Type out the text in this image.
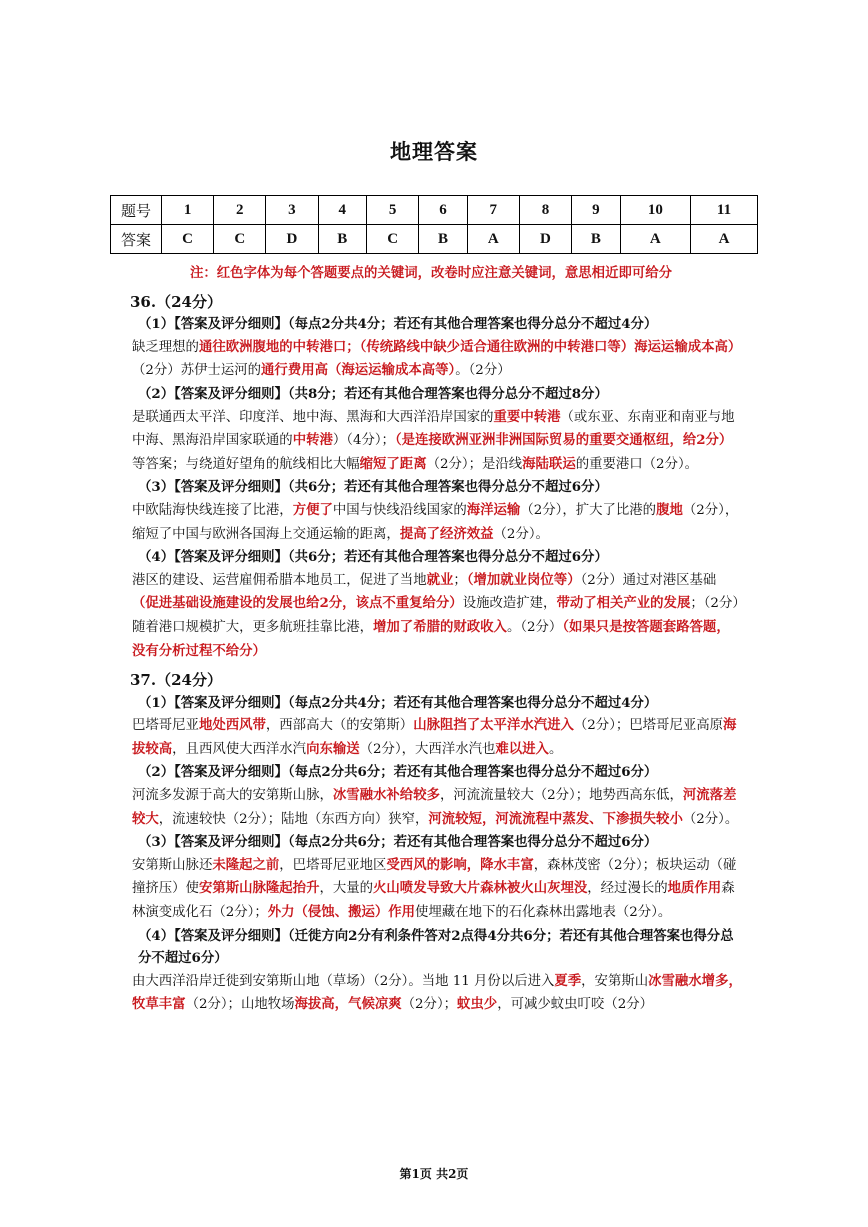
地理答案
题号	1	2	3	4	5	6	7	8	9	10	11
答案	C	C	D	B	C	B	A	D	B	A	A

注：红色字体为每个答题要点的关键词，改卷时应注意关键词，意思相近即可给分

36.（24分）

（1）【答案及评分细则】（每点2分共4分；若还有其他合理答案也得分总分不超过4分）

缺乏理想的通往欧洲腹地的中转港口；（传统路线中缺少适合通往欧洲的中转港口等）海运运输成本高）（2分）苏伊士运河的通行费用高（海运运输成本高等）。（2分）

（2）【答案及评分细则】（共8分；若还有其他合理答案也得分总分不超过8分）

是联通西太平洋、印度洋、地中海、黑海和大西洋沿岸国家的重要中转港（或东亚、东南亚和南亚与地中海、黑海沿岸国家联通的中转港）（4分）；（是连接欧洲亚洲非洲国际贸易的重要交通枢纽，给2分）等答案；与绕道好望角的航线相比大幅缩短了距离（2分）；是沿线海陆联运的重要港口（2分）。

（3）【答案及评分细则】（共6分；若还有其他合理答案也得分总分不超过6分）

中欧陆海快线连接了比港，方便了中国与快线沿线国家的海洋运输（2分），扩大了比港的腹地（2分），缩短了中国与欧洲各国海上交通运输的距离，提高了经济效益（2分）。

（4）【答案及评分细则】（共6分；若还有其他合理答案也得分总分不超过6分）

港区的建设、运营雇佣希腊本地员工，促进了当地就业；（增加就业岗位等）（2分）通过对港区基础（促进基础设施建设的发展也给2分，该点不重复给分）设施改造扩建，带动了相关产业的发展；（2分）随着港口规模扩大，更多航班挂靠比港，增加了希腊的财政收入。（2分）（如果只是按答题套路答题，没有分析过程不给分）

37.（24分）

（1）【答案及评分细则】（每点2分共4分；若还有其他合理答案也得分总分不超过4分）

巴塔哥尼亚地处西风带，西部高大（的安第斯）山脉阻挡了太平洋水汽进入（2分）；巴塔哥尼亚高原海拔较高，且西风使大西洋水汽向东输送（2分），大西洋水汽也难以进入。

（2）【答案及评分细则】（每点2分共6分；若还有其他合理答案也得分总分不超过6分）

河流多发源于高大的安第斯山脉，冰雪融水补给较多，河流流量较大（2分）；地势西高东低，河流落差较大，流速较快（2分）；陆地（东西方向）狭窄，河流较短，河流流程中蒸发、下渗损失较小（2分）。

（3）【答案及评分细则】（每点2分共6分；若还有其他合理答案也得分总分不超过6分）

安第斯山脉还未隆起之前，巴塔哥尼亚地区受西风的影响，降水丰富，森林茂密（2分）；板块运动（碰撞挤压）使安第斯山脉隆起抬升，大量的火山喷发导致大片森林被火山灰埋没，经过漫长的地质作用森林演变成化石（2分）；外力（侵蚀、搬运）作用使埋藏在地下的石化森林出露地表（2分）。

（4）【答案及评分细则】（迁徙方向2分有利条件答对2点得4分共6分；若还有其他合理答案也得分总分不超过6分）

由大西洋沿岸迁徙到安第斯山地（草场）（2分）。当地 11 月份以后进入夏季，安第斯山冰雪融水增多，牧草丰富（2分）；山地牧场海拔高，气候凉爽（2分）；蚊虫少，可减少蚊虫叮咬（2分）

第1页 共2页
